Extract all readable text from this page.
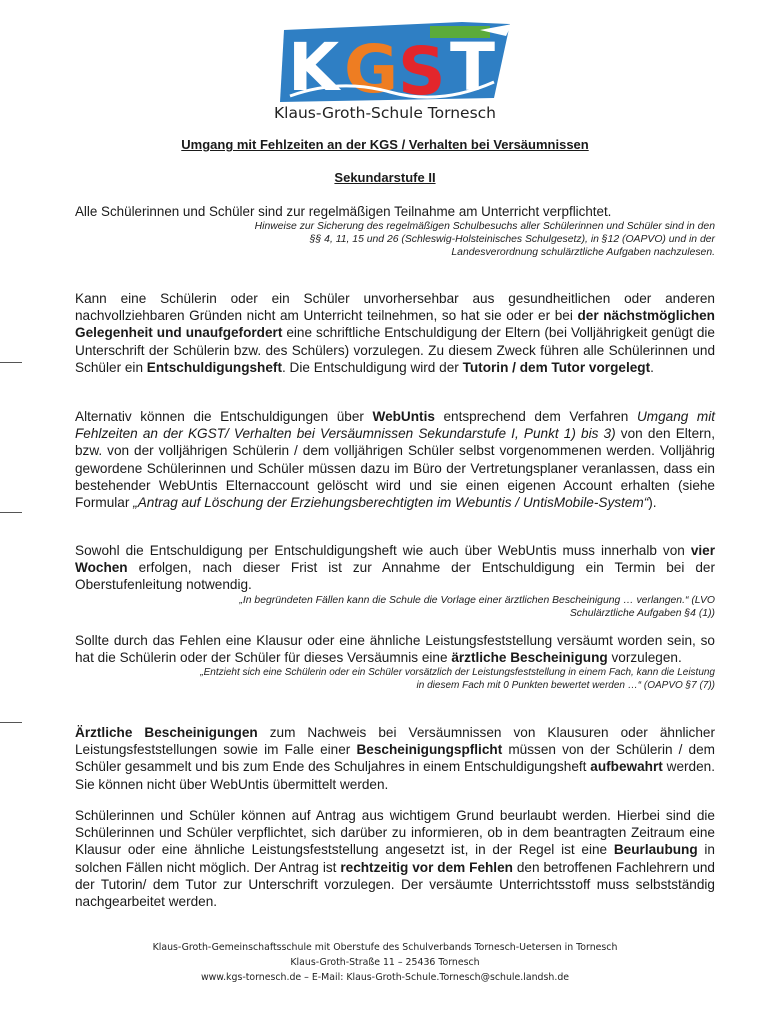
K G S T
Klaus-Groth-Schule Tornesch
Umgang mit Fehlzeiten an der KGS / Verhalten bei Versäumnissen
Sekundarstufe II

Alle Schülerinnen und Schüler sind zur regelmäßigen Teilnahme am Unterricht verpflichtet.

Hinweise zur Sicherung des regelmäßigen Schulbesuchs aller Schülerinnen und Schüler sind in den
§§ 4, 11, 15 und 26 (Schleswig-Holsteinisches Schulgesetz), in §12 (OAPVO) und in der
Landesverordnung schulärztliche Aufgaben nachzulesen.

Kann eine Schülerin oder ein Schüler unvorhersehbar aus gesundheitlichen oder anderen nachvollziehbaren Gründen nicht am Unterricht teilnehmen, so hat sie oder er bei der nächstmöglichen Gelegenheit und unaufgefordert eine schriftliche Entschuldigung der Eltern (bei Volljährigkeit genügt die Unterschrift der Schülerin bzw. des Schülers) vorzulegen. Zu diesem Zweck führen alle Schülerinnen und Schüler ein Entschuldigungsheft. Die Entschuldigung wird der Tutorin / dem Tutor vorgelegt.

Alternativ können die Entschuldigungen über WebUntis entsprechend dem Verfahren Umgang mit Fehlzeiten an der KGST/ Verhalten bei Versäumnissen Sekundarstufe I, Punkt 1) bis 3) von den Eltern, bzw. von der volljährigen Schülerin / dem volljährigen Schüler selbst vorgenommenen werden. Volljährig gewordene Schülerinnen und Schüler müssen dazu im Büro der Vertretungsplaner veranlassen, dass ein bestehender WebUntis Elternaccount gelöscht wird und sie einen eigenen Account erhalten (siehe Formular „Antrag auf Löschung der Erziehungsberechtigten im Webuntis / UntisMobile-System“).

Sowohl die Entschuldigung per Entschuldigungsheft wie auch über WebUntis muss innerhalb von vier Wochen erfolgen, nach dieser Frist ist zur Annahme der Entschuldigung ein Termin bei der Oberstufenleitung notwendig.

„In begründeten Fällen kann die Schule die Vorlage einer ärztlichen Bescheinigung … verlangen.“ (LVO
Schulärztliche Aufgaben §4 (1))

Sollte durch das Fehlen eine Klausur oder eine ähnliche Leistungsfeststellung versäumt worden sein, so hat die Schülerin oder der Schüler für dieses Versäumnis eine ärztliche Bescheinigung vorzulegen.

„Entzieht sich eine Schülerin oder ein Schüler vorsätzlich der Leistungsfeststellung in einem Fach, kann die Leistung
in diesem Fach mit 0 Punkten bewertet werden …“ (OAPVO §7 (7))

Ärztliche Bescheinigungen zum Nachweis bei Versäumnissen von Klausuren oder ähnlicher Leistungsfeststellungen sowie im Falle einer Bescheinigungspflicht müssen von der Schülerin / dem Schüler gesammelt und bis zum Ende des Schuljahres in einem Entschuldigungsheft aufbewahrt werden. Sie können nicht über WebUntis übermittelt werden.

Schülerinnen und Schüler können auf Antrag aus wichtigem Grund beurlaubt werden. Hierbei sind die Schülerinnen und Schüler verpflichtet, sich darüber zu informieren, ob in dem beantragten Zeitraum eine Klausur oder eine ähnliche Leistungsfeststellung angesetzt ist, in der Regel ist eine Beurlaubung in solchen Fällen nicht möglich. Der Antrag ist rechtzeitig vor dem Fehlen den betroffenen Fachlehrern und der Tutorin/ dem Tutor zur Unterschrift vorzulegen. Der versäumte Unterrichtsstoff muss selbstständig nachgearbeitet werden.

Klaus-Groth-Gemeinschaftsschule mit Oberstufe des Schulverbands Tornesch-Uetersen in Tornesch
Klaus-Groth-Straße 11 – 25436 Tornesch
www.kgs-tornesch.de – E-Mail: Klaus-Groth-Schule.Tornesch@schule.landsh.de
